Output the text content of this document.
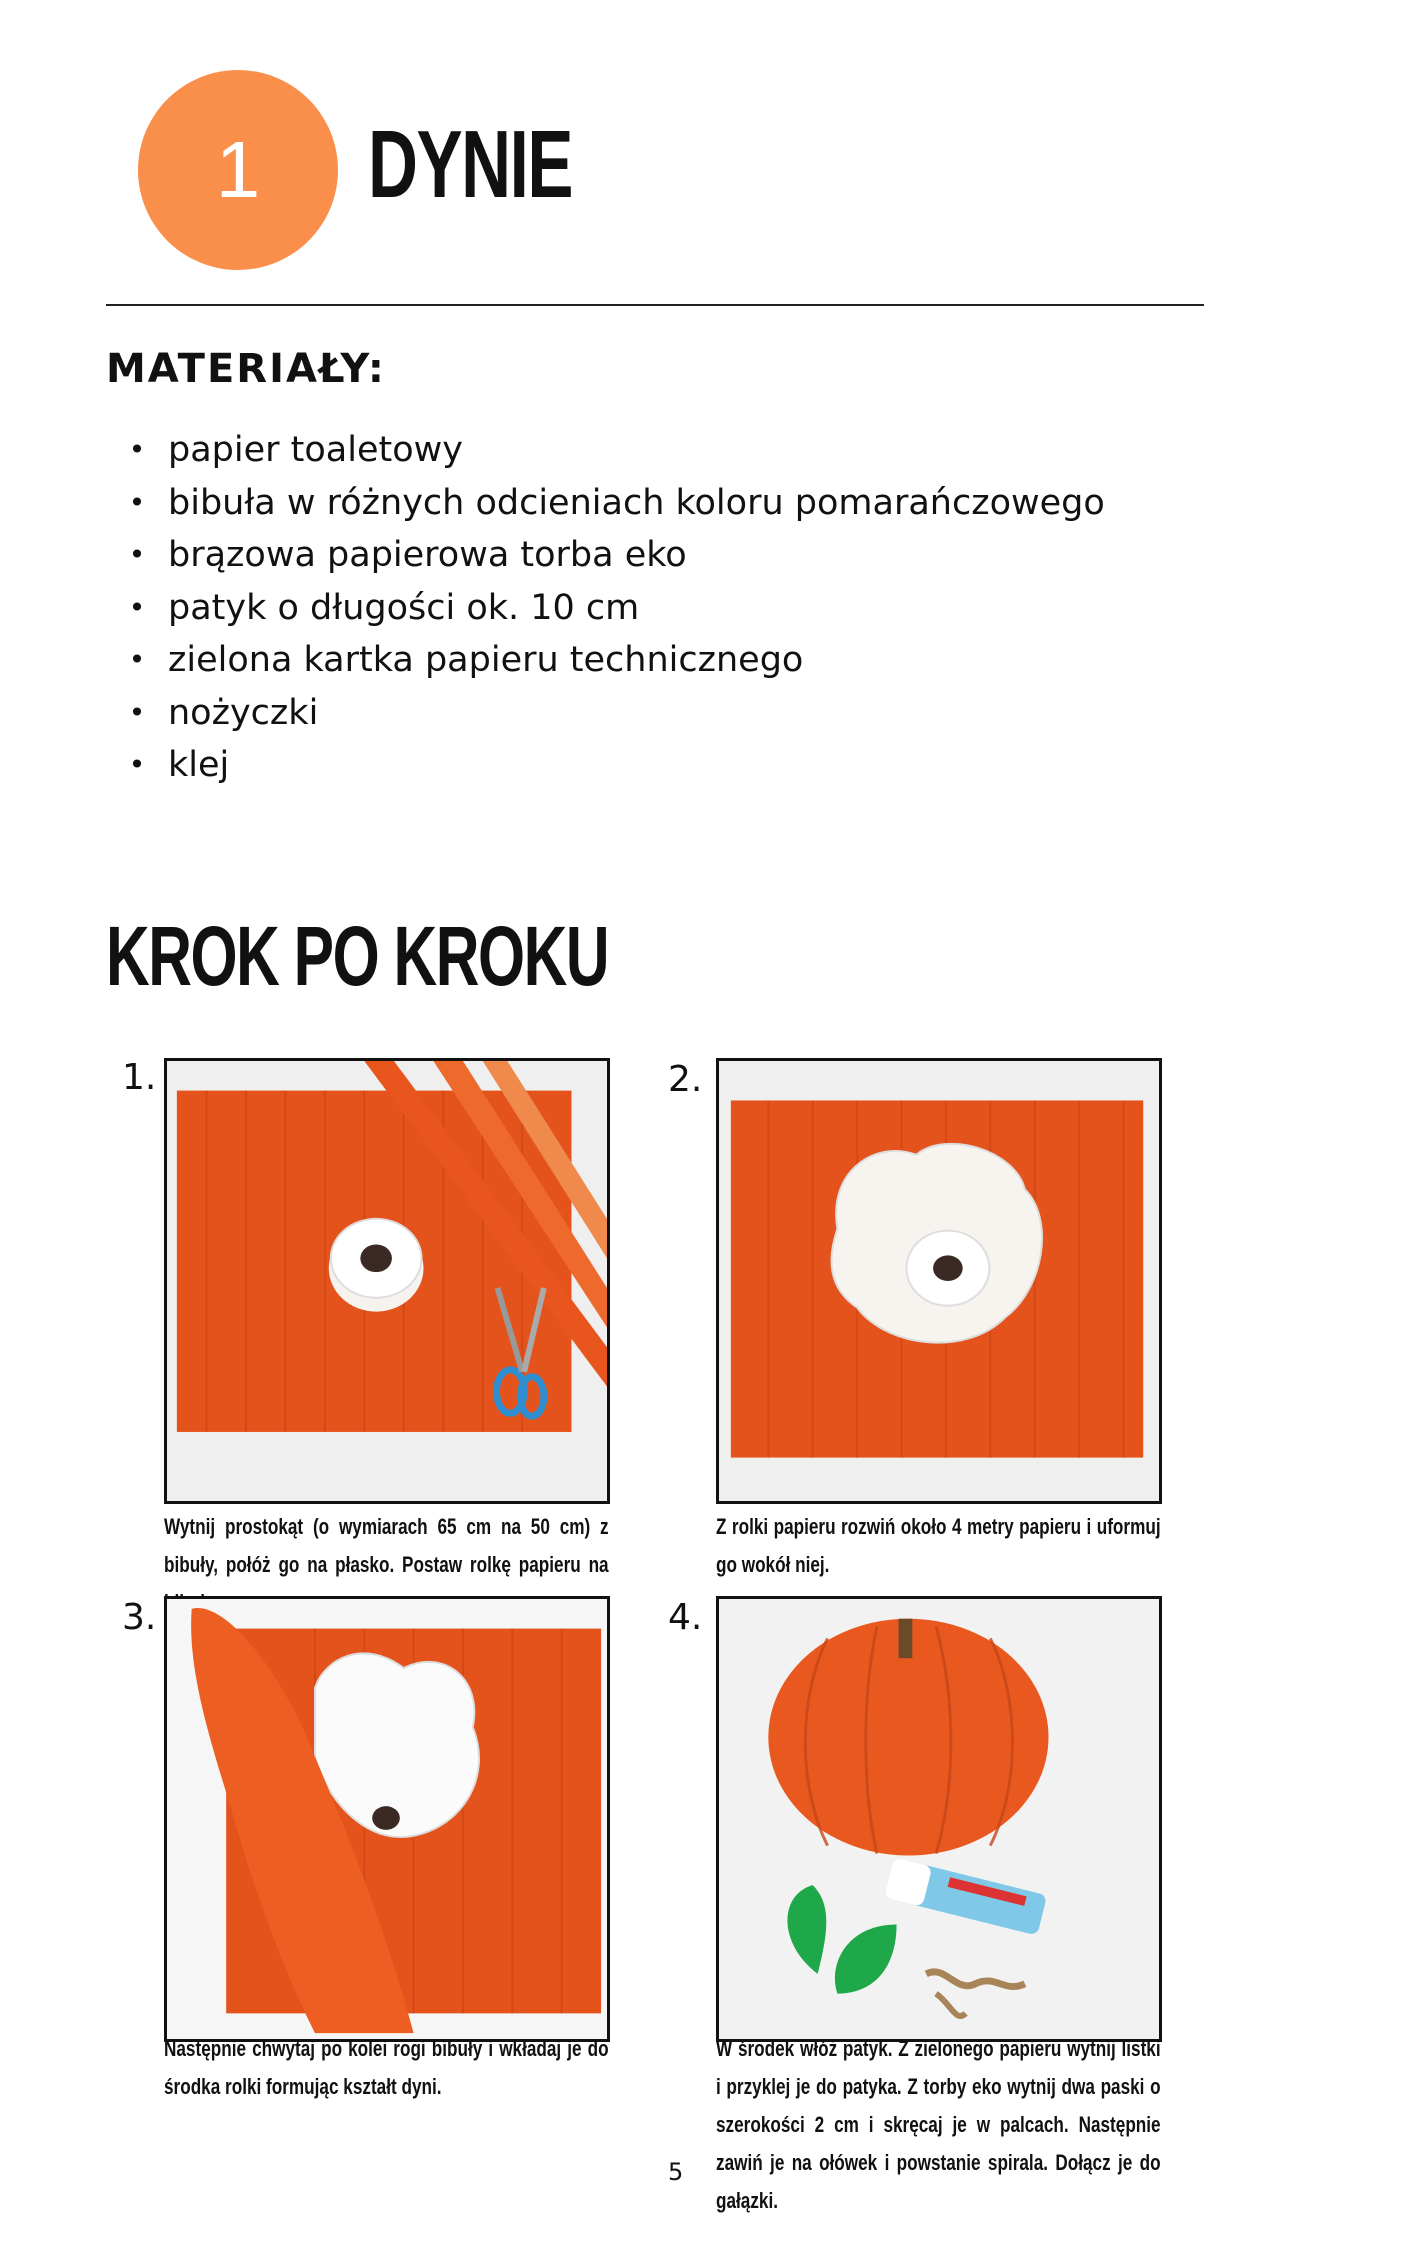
1	DYNIE
MATERIAŁY:
• papier toaletowy
• bibuła w różnych odcieniach koloru pomarańczowego
• brązowa papierowa torba eko
• patyk o długości ok. 10 cm
• zielona kartka papieru technicznego
• nożyczki
• klej
KROK PO KROKU
1.
Wytnij prostokąt (o wymiarach 65 cm na 50 cm) z bibuły, połóż go na płasko. Postaw rolkę papieru na
2.
Z rolki papieru rozwiń około 4 metry papieru i uformuj go wokół niej.
3.
Następnie chwytaj po kolei rogi bibuły i wkładaj je do środka rolki formując kształt dyni.
4.
W środek włóż patyk. Z zielonego papieru wytnij listki i przyklej je do patyka. Z torby eko wytnij dwa paski o szerokości 2 cm i skręcaj je w palcach. Następnie zawiń je na ołówek i powstanie spirala. Dołącz je do gałązki.
5
